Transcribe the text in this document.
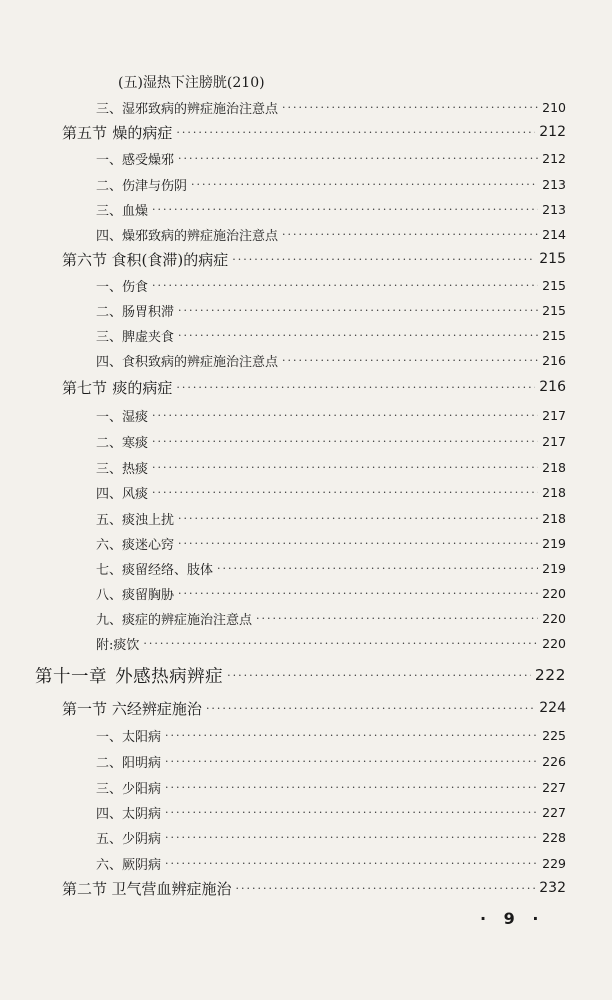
(五)湿热下注膀胱(210)
三、湿邪致病的辨症施治注意点 ·····	210
第五节 燥的病症 ·····	212
一、感受燥邪 ·····	212
二、伤津与伤阴 ·····	213
三、血燥 ·····	213
四、燥邪致病的辨症施治注意点 ·····	214
第六节 食积(食滞)的病症 ·····	215
一、伤食 ·····	215
二、肠胃积滞 ·····	215
三、脾虚夹食 ·····	215
四、食积致病的辨症施治注意点 ·····	216
第七节 痰的病症 ·····	216
一、湿痰 ·····	217
二、寒痰 ·····	217
三、热痰 ·····	218
四、风痰 ·····	218
五、痰浊上扰 ·····	218
六、痰迷心窍 ·····	219
七、痰留经络、肢体 ·····	219
八、痰留胸胁 ·····	220
九、痰症的辨症施治注意点 ·····	220
附:痰饮 ·····	220
第十一章 外感热病辨症 ·····	222
第一节 六经辨症施治 ·····	224
一、太阳病 ·····	225
二、阳明病 ·····	226
三、少阳病 ·····	227
四、太阴病 ·····	227
五、少阴病 ·····	228
六、厥阴病 ·····	229
第二节 卫气营血辨症施治 ·····	232
· 9 ·
